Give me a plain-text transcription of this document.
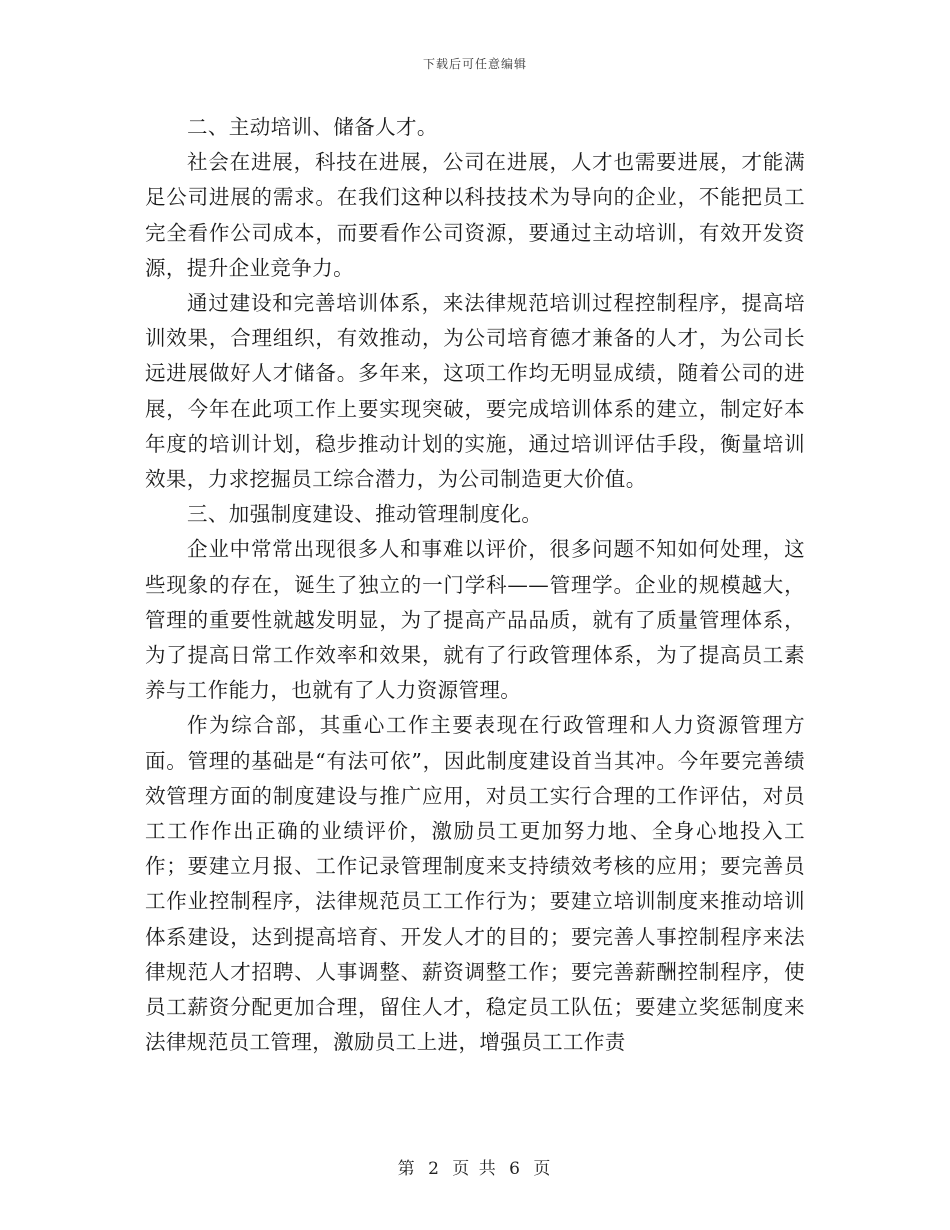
下载后可任意编辑

二、主动培训、储备人才。

社会在进展，科技在进展，公司在进展，人才也需要进展，才能满足公司进展的需求。在我们这种以科技技术为导向的企业，不能把员工完全看作公司成本，而要看作公司资源，要通过主动培训，有效开发资源，提升企业竞争力。

通过建设和完善培训体系，来法律规范培训过程控制程序，提高培训效果，合理组织，有效推动，为公司培育德才兼备的人才，为公司长远进展做好人才储备。多年来，这项工作均无明显成绩，随着公司的进展，今年在此项工作上要实现突破，要完成培训体系的建立，制定好本年度的培训计划，稳步推动计划的实施，通过培训评估手段，衡量培训效果，力求挖掘员工综合潜力，为公司制造更大价值。

三、加强制度建设、推动管理制度化。

企业中常常出现很多人和事难以评价，很多问题不知如何处理，这些现象的存在，诞生了独立的一门学科——管理学。企业的规模越大，管理的重要性就越发明显，为了提高产品品质，就有了质量管理体系，为了提高日常工作效率和效果，就有了行政管理体系，为了提高员工素养与工作能力，也就有了人力资源管理。

作为综合部，其重心工作主要表现在行政管理和人力资源管理方面。管理的基础是“有法可依”，因此制度建设首当其冲。今年要完善绩效管理方面的制度建设与推广应用，对员工实行合理的工作评估，对员工工作作出正确的业绩评价，激励员工更加努力地、全身心地投入工作；要建立月报、工作记录管理制度来支持绩效考核的应用；要完善员工作业控制程序，法律规范员工工作行为；要建立培训制度来推动培训体系建设，达到提高培育、开发人才的目的；要完善人事控制程序来法律规范人才招聘、人事调整、薪资调整工作；要完善薪酬控制程序，使员工薪资分配更加合理，留住人才，稳定员工队伍；要建立奖惩制度来法律规范员工管理，激励员工上进，增强员工工作责

第 2 页 共 6 页
